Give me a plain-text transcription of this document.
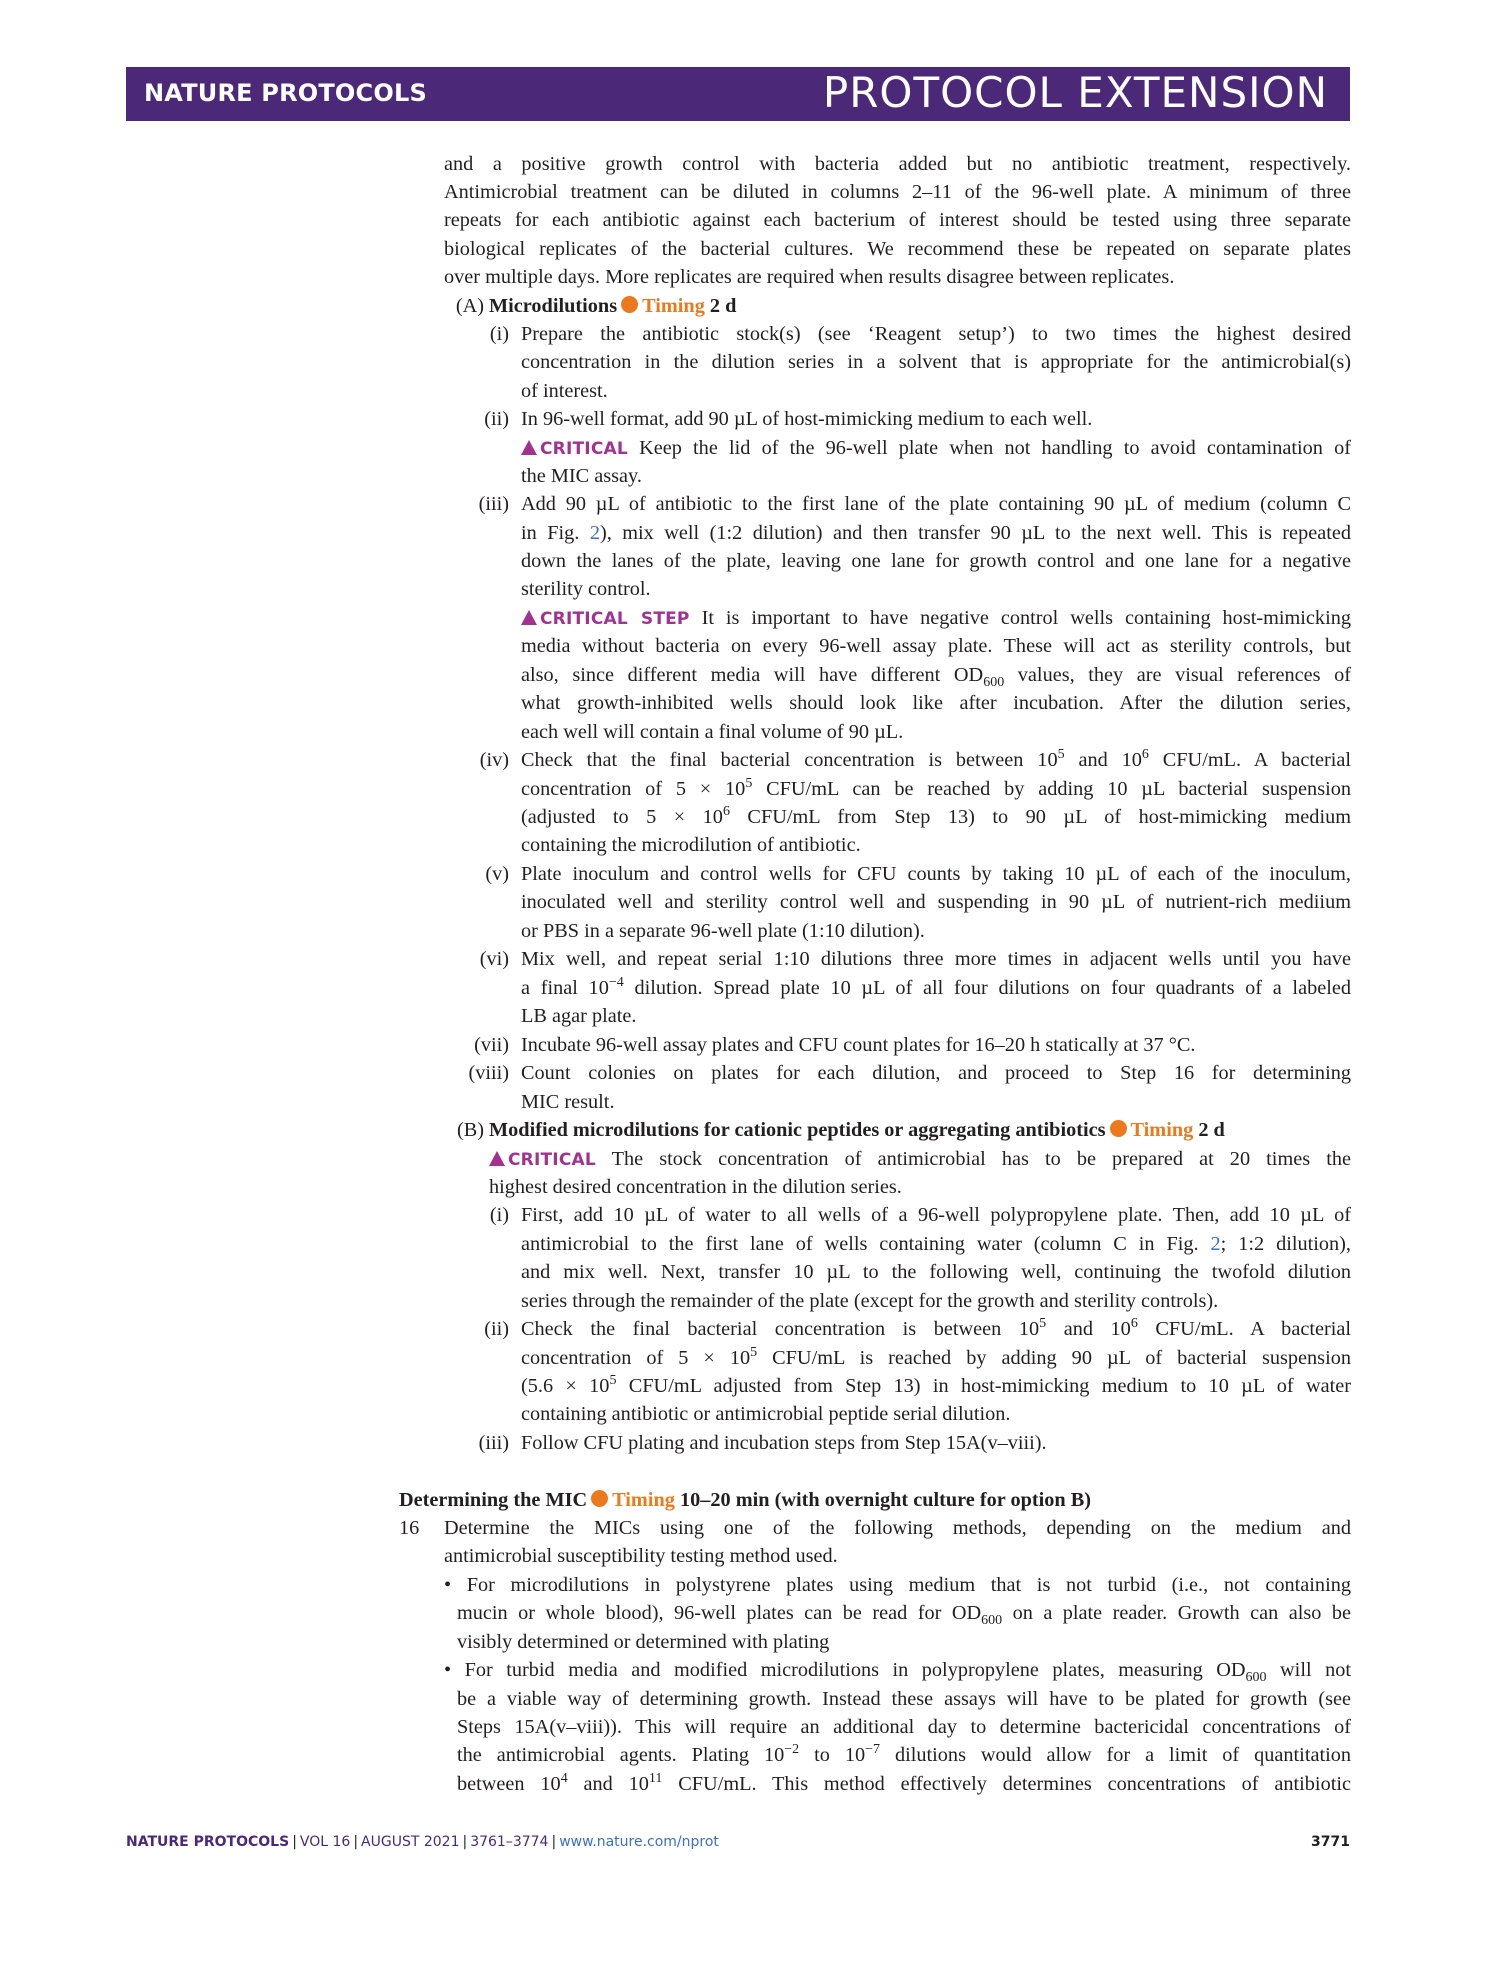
NATURE PROTOCOLS	PROTOCOL EXTENSION
and a positive growth control with bacteria added but no antibiotic treatment, respectively.
Antimicrobial treatment can be diluted in columns 2–11 of the 96-well plate. A minimum of three
repeats for each antibiotic against each bacterium of interest should be tested using three separate
biological replicates of the bacterial cultures. We recommend these be repeated on separate plates
over multiple days. More replicates are required when results disagree between replicates.
(A) Microdilutions Timing 2 d
(i) Prepare the antibiotic stock(s) (see ‘Reagent setup’) to two times the highest desired
concentration in the dilution series in a solvent that is appropriate for the antimicrobial(s)
of interest.
(ii) In 96-well format, add 90 µL of host-mimicking medium to each well.
CRITICAL Keep the lid of the 96-well plate when not handling to avoid contamination of
the MIC assay.
(iii) Add 90 µL of antibiotic to the first lane of the plate containing 90 µL of medium (column C
in Fig. 2), mix well (1:2 dilution) and then transfer 90 µL to the next well. This is repeated
down the lanes of the plate, leaving one lane for growth control and one lane for a negative
sterility control.
CRITICAL STEP It is important to have negative control wells containing host-mimicking
media without bacteria on every 96-well assay plate. These will act as sterility controls, but
also, since different media will have different $OD_{600}$ values, they are visual references of
what growth-inhibited wells should look like after incubation. After the dilution series,
each well will contain a final volume of 90 µL.
(iv) Check that the final bacterial concentration is between $10^5$ and $10^6$ CFU/mL. A bacterial
concentration of $5 \times 10^5$ CFU/mL can be reached by adding 10 µL bacterial suspension
(adjusted to $5 \times 10^6$ CFU/mL from Step 13) to 90 µL of host-mimicking medium
containing the microdilution of antibiotic.
(v) Plate inoculum and control wells for CFU counts by taking 10 µL of each of the inoculum,
inoculated well and sterility control well and suspending in 90 µL of nutrient-rich mediium
or PBS in a separate 96-well plate (1:10 dilution).
(vi) Mix well, and repeat serial 1:10 dilutions three more times in adjacent wells until you have
a final $10^{-4}$ dilution. Spread plate 10 µL of all four dilutions on four quadrants of a labeled
LB agar plate.
(vii) Incubate 96-well assay plates and CFU count plates for 16–20 h statically at 37 °C.
(viii) Count colonies on plates for each dilution, and proceed to Step 16 for determining
MIC result.
(B) Modified microdilutions for cationic peptides or aggregating antibiotics Timing 2 d
CRITICAL The stock concentration of antimicrobial has to be prepared at 20 times the
highest desired concentration in the dilution series.
(i) First, add 10 µL of water to all wells of a 96-well polypropylene plate. Then, add 10 µL of
antimicrobial to the first lane of wells containing water (column C in Fig. 2; 1:2 dilution),
and mix well. Next, transfer 10 µL to the following well, continuing the twofold dilution
series through the remainder of the plate (except for the growth and sterility controls).
(ii) Check the final bacterial concentration is between $10^5$ and $10^6$ CFU/mL. A bacterial
concentration of $5 \times 10^5$ CFU/mL is reached by adding 90 µL of bacterial suspension
($5.6 \times 10^5$ CFU/mL adjusted from Step 13) in host-mimicking medium to 10 µL of water
containing antibiotic or antimicrobial peptide serial dilution.
(iii) Follow CFU plating and incubation steps from Step 15A(v–viii).
Determining the MIC Timing 10–20 min (with overnight culture for option B)
16 Determine the MICs using one of the following methods, depending on the medium and
antimicrobial susceptibility testing method used.
• For microdilutions in polystyrene plates using medium that is not turbid (i.e., not containing
mucin or whole blood), 96-well plates can be read for $OD_{600}$ on a plate reader. Growth can also be
visibly determined or determined with plating
• For turbid media and modified microdilutions in polypropylene plates, measuring $OD_{600}$ will not
be a viable way of determining growth. Instead these assays will have to be plated for growth (see
Steps 15A(v–viii)). This will require an additional day to determine bactericidal concentrations of
the antimicrobial agents. Plating $10^{-2}$ to $10^{-7}$ dilutions would allow for a limit of quantitation
between $10^4$ and $10^{11}$ CFU/mL. This method effectively determines concentrations of antibiotic
NATURE PROTOCOLS | VOL 16 | AUGUST 2021 | 3761–3774 | www.nature.com/nprot	3771
